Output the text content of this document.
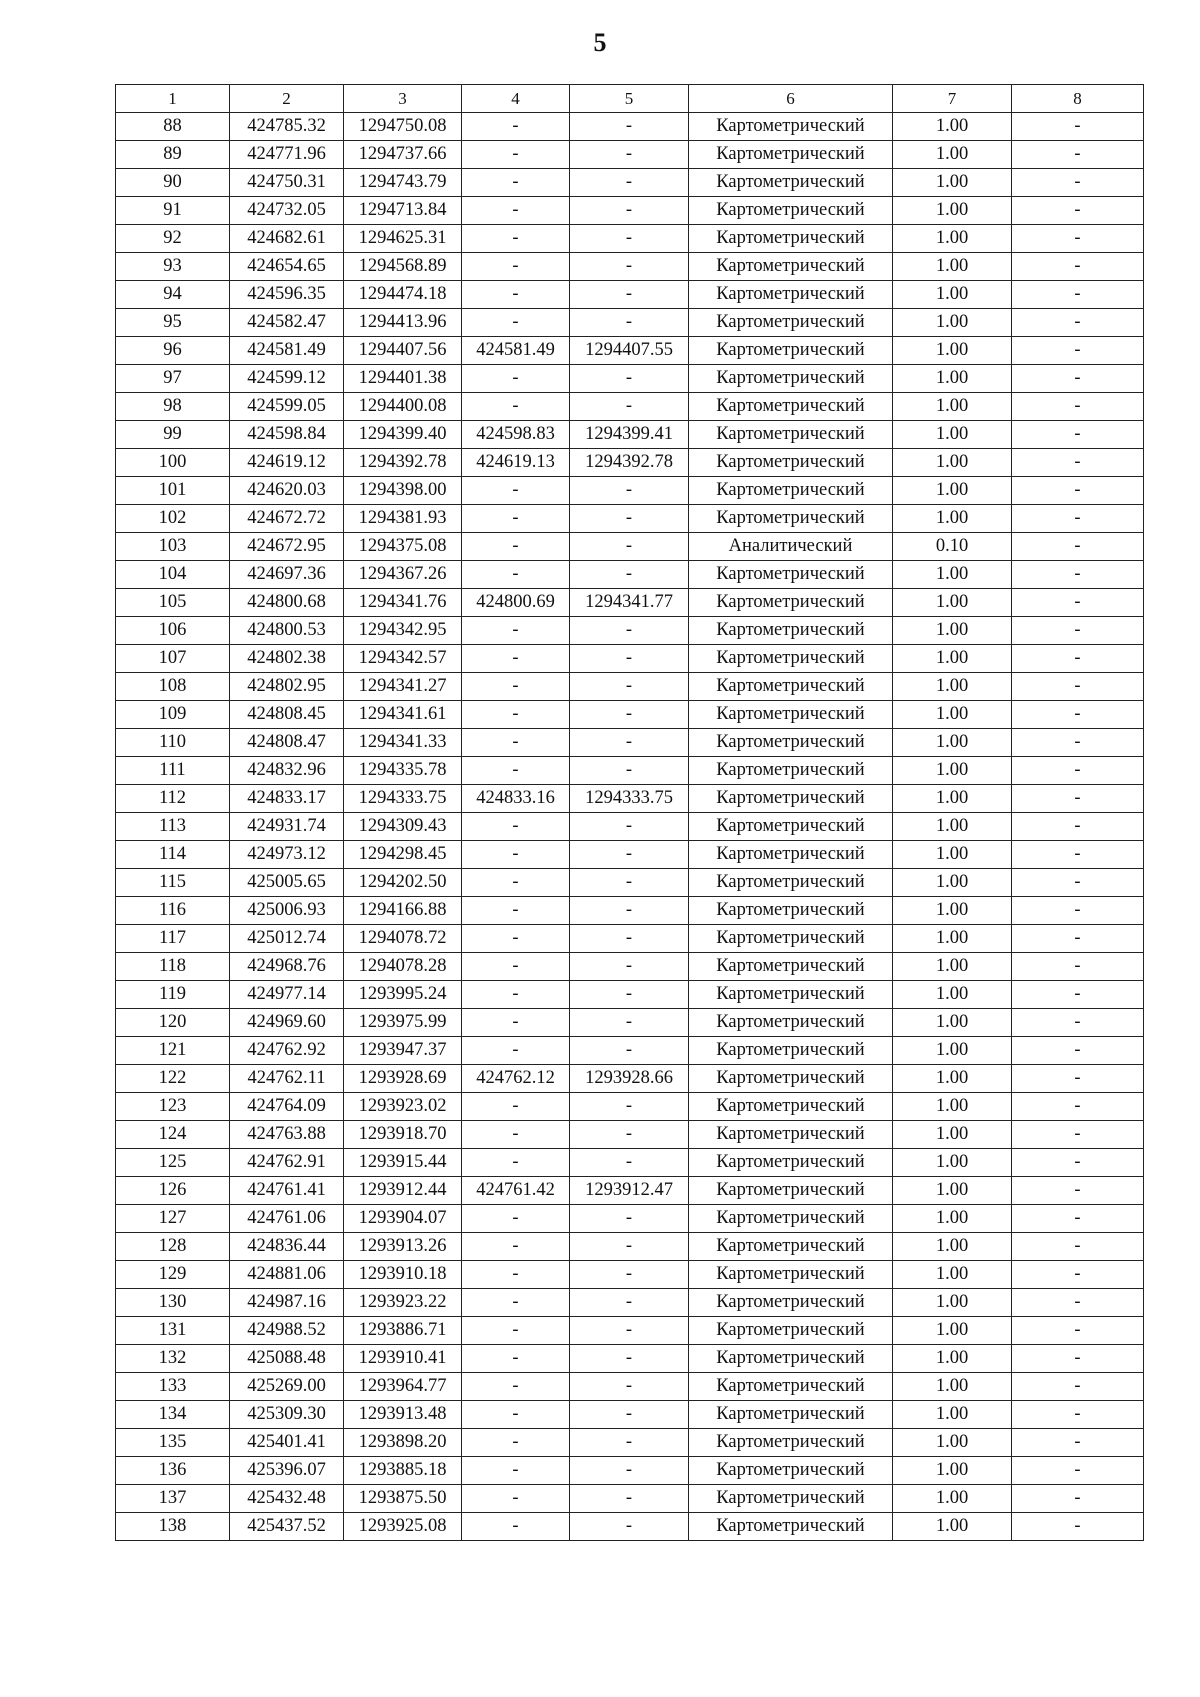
5
1	2	3	4	5	6	7	8
88	424785.32	1294750.08	-	-	Картометрический	1.00	-
89	424771.96	1294737.66	-	-	Картометрический	1.00	-
90	424750.31	1294743.79	-	-	Картометрический	1.00	-
91	424732.05	1294713.84	-	-	Картометрический	1.00	-
92	424682.61	1294625.31	-	-	Картометрический	1.00	-
93	424654.65	1294568.89	-	-	Картометрический	1.00	-
94	424596.35	1294474.18	-	-	Картометрический	1.00	-
95	424582.47	1294413.96	-	-	Картометрический	1.00	-
96	424581.49	1294407.56	424581.49	1294407.55	Картометрический	1.00	-
97	424599.12	1294401.38	-	-	Картометрический	1.00	-
98	424599.05	1294400.08	-	-	Картометрический	1.00	-
99	424598.84	1294399.40	424598.83	1294399.41	Картометрический	1.00	-
100	424619.12	1294392.78	424619.13	1294392.78	Картометрический	1.00	-
101	424620.03	1294398.00	-	-	Картометрический	1.00	-
102	424672.72	1294381.93	-	-	Картометрический	1.00	-
103	424672.95	1294375.08	-	-	Аналитический	0.10	-
104	424697.36	1294367.26	-	-	Картометрический	1.00	-
105	424800.68	1294341.76	424800.69	1294341.77	Картометрический	1.00	-
106	424800.53	1294342.95	-	-	Картометрический	1.00	-
107	424802.38	1294342.57	-	-	Картометрический	1.00	-
108	424802.95	1294341.27	-	-	Картометрический	1.00	-
109	424808.45	1294341.61	-	-	Картометрический	1.00	-
110	424808.47	1294341.33	-	-	Картометрический	1.00	-
111	424832.96	1294335.78	-	-	Картометрический	1.00	-
112	424833.17	1294333.75	424833.16	1294333.75	Картометрический	1.00	-
113	424931.74	1294309.43	-	-	Картометрический	1.00	-
114	424973.12	1294298.45	-	-	Картометрический	1.00	-
115	425005.65	1294202.50	-	-	Картометрический	1.00	-
116	425006.93	1294166.88	-	-	Картометрический	1.00	-
117	425012.74	1294078.72	-	-	Картометрический	1.00	-
118	424968.76	1294078.28	-	-	Картометрический	1.00	-
119	424977.14	1293995.24	-	-	Картометрический	1.00	-
120	424969.60	1293975.99	-	-	Картометрический	1.00	-
121	424762.92	1293947.37	-	-	Картометрический	1.00	-
122	424762.11	1293928.69	424762.12	1293928.66	Картометрический	1.00	-
123	424764.09	1293923.02	-	-	Картометрический	1.00	-
124	424763.88	1293918.70	-	-	Картометрический	1.00	-
125	424762.91	1293915.44	-	-	Картометрический	1.00	-
126	424761.41	1293912.44	424761.42	1293912.47	Картометрический	1.00	-
127	424761.06	1293904.07	-	-	Картометрический	1.00	-
128	424836.44	1293913.26	-	-	Картометрический	1.00	-
129	424881.06	1293910.18	-	-	Картометрический	1.00	-
130	424987.16	1293923.22	-	-	Картометрический	1.00	-
131	424988.52	1293886.71	-	-	Картометрический	1.00	-
132	425088.48	1293910.41	-	-	Картометрический	1.00	-
133	425269.00	1293964.77	-	-	Картометрический	1.00	-
134	425309.30	1293913.48	-	-	Картометрический	1.00	-
135	425401.41	1293898.20	-	-	Картометрический	1.00	-
136	425396.07	1293885.18	-	-	Картометрический	1.00	-
137	425432.48	1293875.50	-	-	Картометрический	1.00	-
138	425437.52	1293925.08	-	-	Картометрический	1.00	-
